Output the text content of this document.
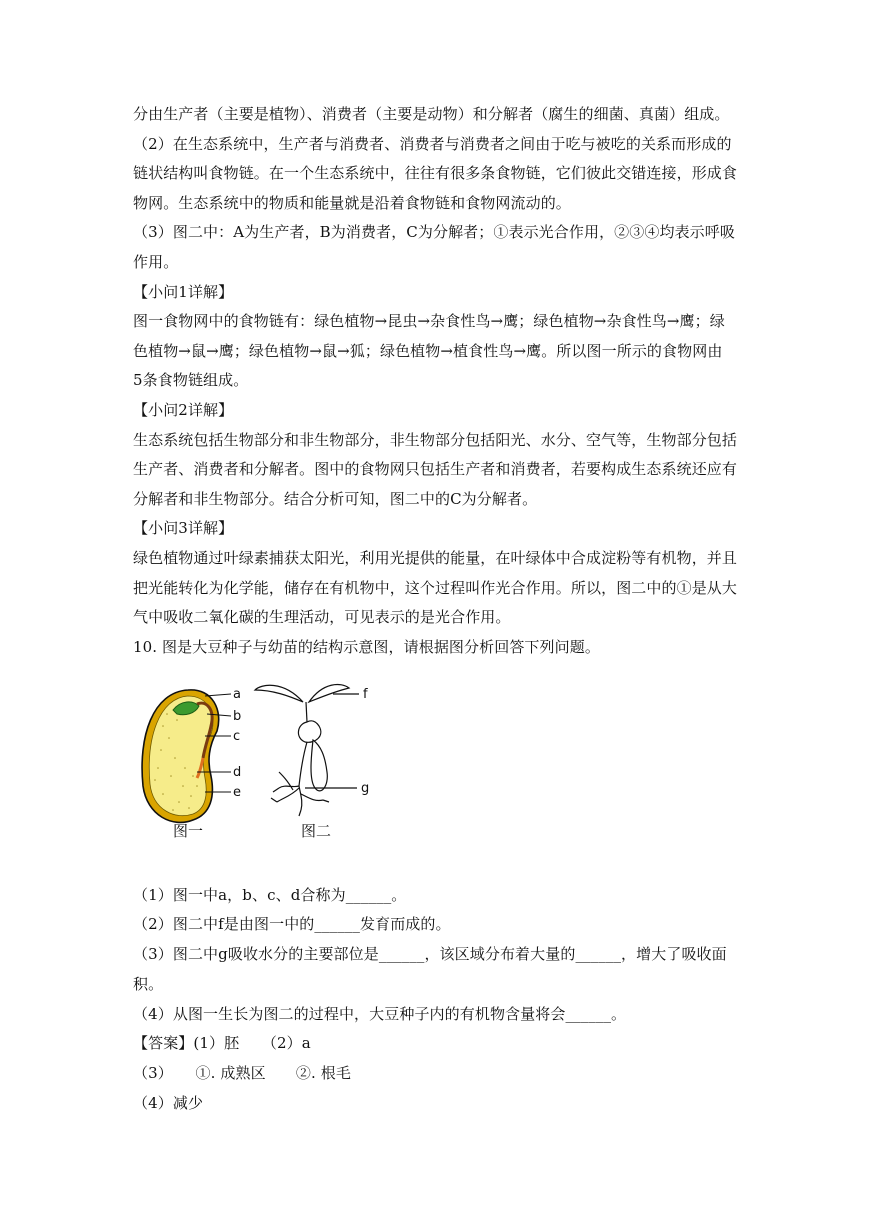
分由生产者（主要是植物）、消费者（主要是动物）和分解者（腐生的细菌、真菌）组成。
（2）在生态系统中，生产者与消费者、消费者与消费者之间由于吃与被吃的关系而形成的
链状结构叫食物链。在一个生态系统中，往往有很多条食物链，它们彼此交错连接，形成食
物网。生态系统中的物质和能量就是沿着食物链和食物网流动的。
（3）图二中：A为生产者，B为消费者，C为分解者；①表示光合作用，②③④均表示呼吸
作用。
【小问1详解】
图一食物网中的食物链有：绿色植物→昆虫→杂食性鸟→鹰；绿色植物→杂食性鸟→鹰；绿
色植物→鼠→鹰；绿色植物→鼠→狐；绿色植物→植食性鸟→鹰。所以图一所示的食物网由
5条食物链组成。
【小问2详解】
生态系统包括生物部分和非生物部分，非生物部分包括阳光、水分、空气等，生物部分包括
生产者、消费者和分解者。图中的食物网只包括生产者和消费者，若要构成生态系统还应有
分解者和非生物部分。结合分析可知，图二中的C为分解者。
【小问3详解】
绿色植物通过叶绿素捕获太阳光，利用光提供的能量，在叶绿体中合成淀粉等有机物，并且
把光能转化为化学能，储存在有机物中，这个过程叫作光合作用。所以，图二中的①是从大
气中吸收二氧化碳的生理活动，可见表示的是光合作用。
10. 图是大豆种子与幼苗的结构示意图，请根据图分析回答下列问题。
a
b
c
d
e
f
g
图一	图二
（1）图一中a，b、c、d合称为______。
（2）图二中f是由图一中的______发育而成的。
（3）图二中g吸收水分的主要部位是______，该区域分布着大量的______，增大了吸收面
积。
（4）从图一生长为图二的过程中，大豆种子内的有机物含量将会______。
【答案】(1）胚　　（2）a
（3）　　①. 成熟区　　②. 根毛
（4）减少
